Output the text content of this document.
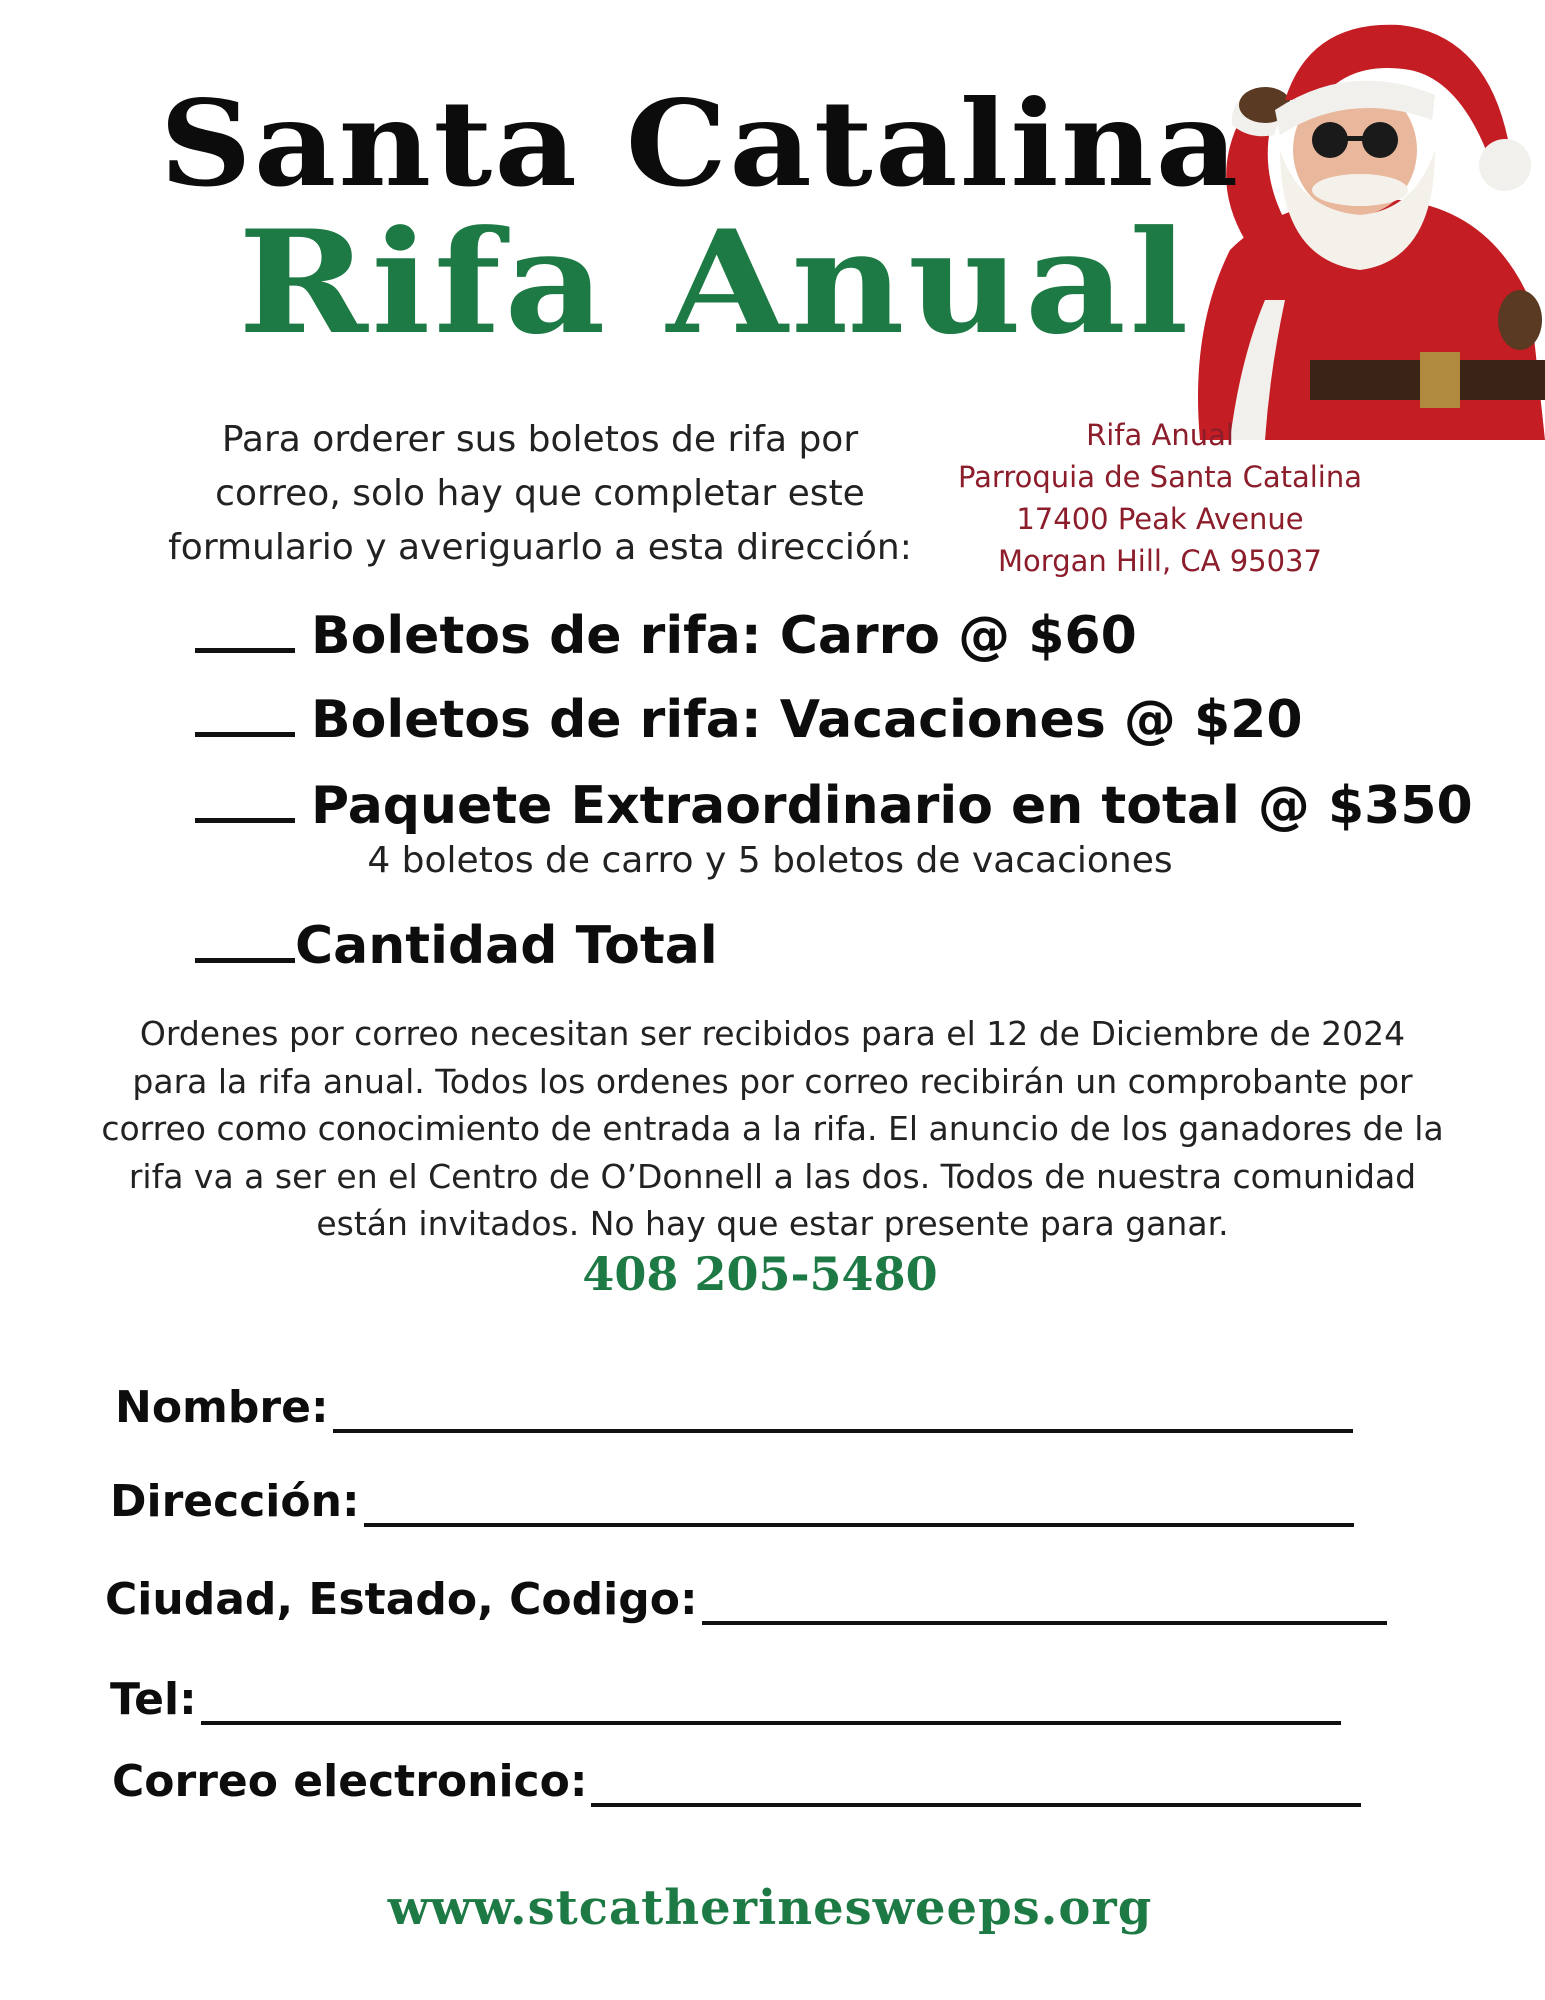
Santa Catalina
Rifa Anual
Para orderer sus boletos de rifa por
correo, solo hay que completar este
formulario y averiguarlo a esta dirección:
Rifa Anual
Parroquia de Santa Catalina
17400 Peak Avenue
Morgan Hill, CA 95037
Boletos de rifa: Carro @ $60
Boletos de rifa: Vacaciones @ $20
Paquete Extraordinario en total @ $350
4 boletos de carro y 5 boletos de vacaciones
Cantidad Total
Ordenes por correo necesitan ser recibidos para el 12 de Diciembre de 2024
para la rifa anual. Todos los ordenes por correo recibirán un comprobante por
correo como conocimiento de entrada a la rifa. El anuncio de los ganadores de la
rifa va a ser en el Centro de O’Donnell a las dos. Todos de nuestra comunidad
están invitados. No hay que estar presente para ganar.
408 205-5480
Nombre:
Dirección:
Ciudad, Estado, Codigo:
Tel:
Correo electronico:
www.stcatherinesweeps.org
